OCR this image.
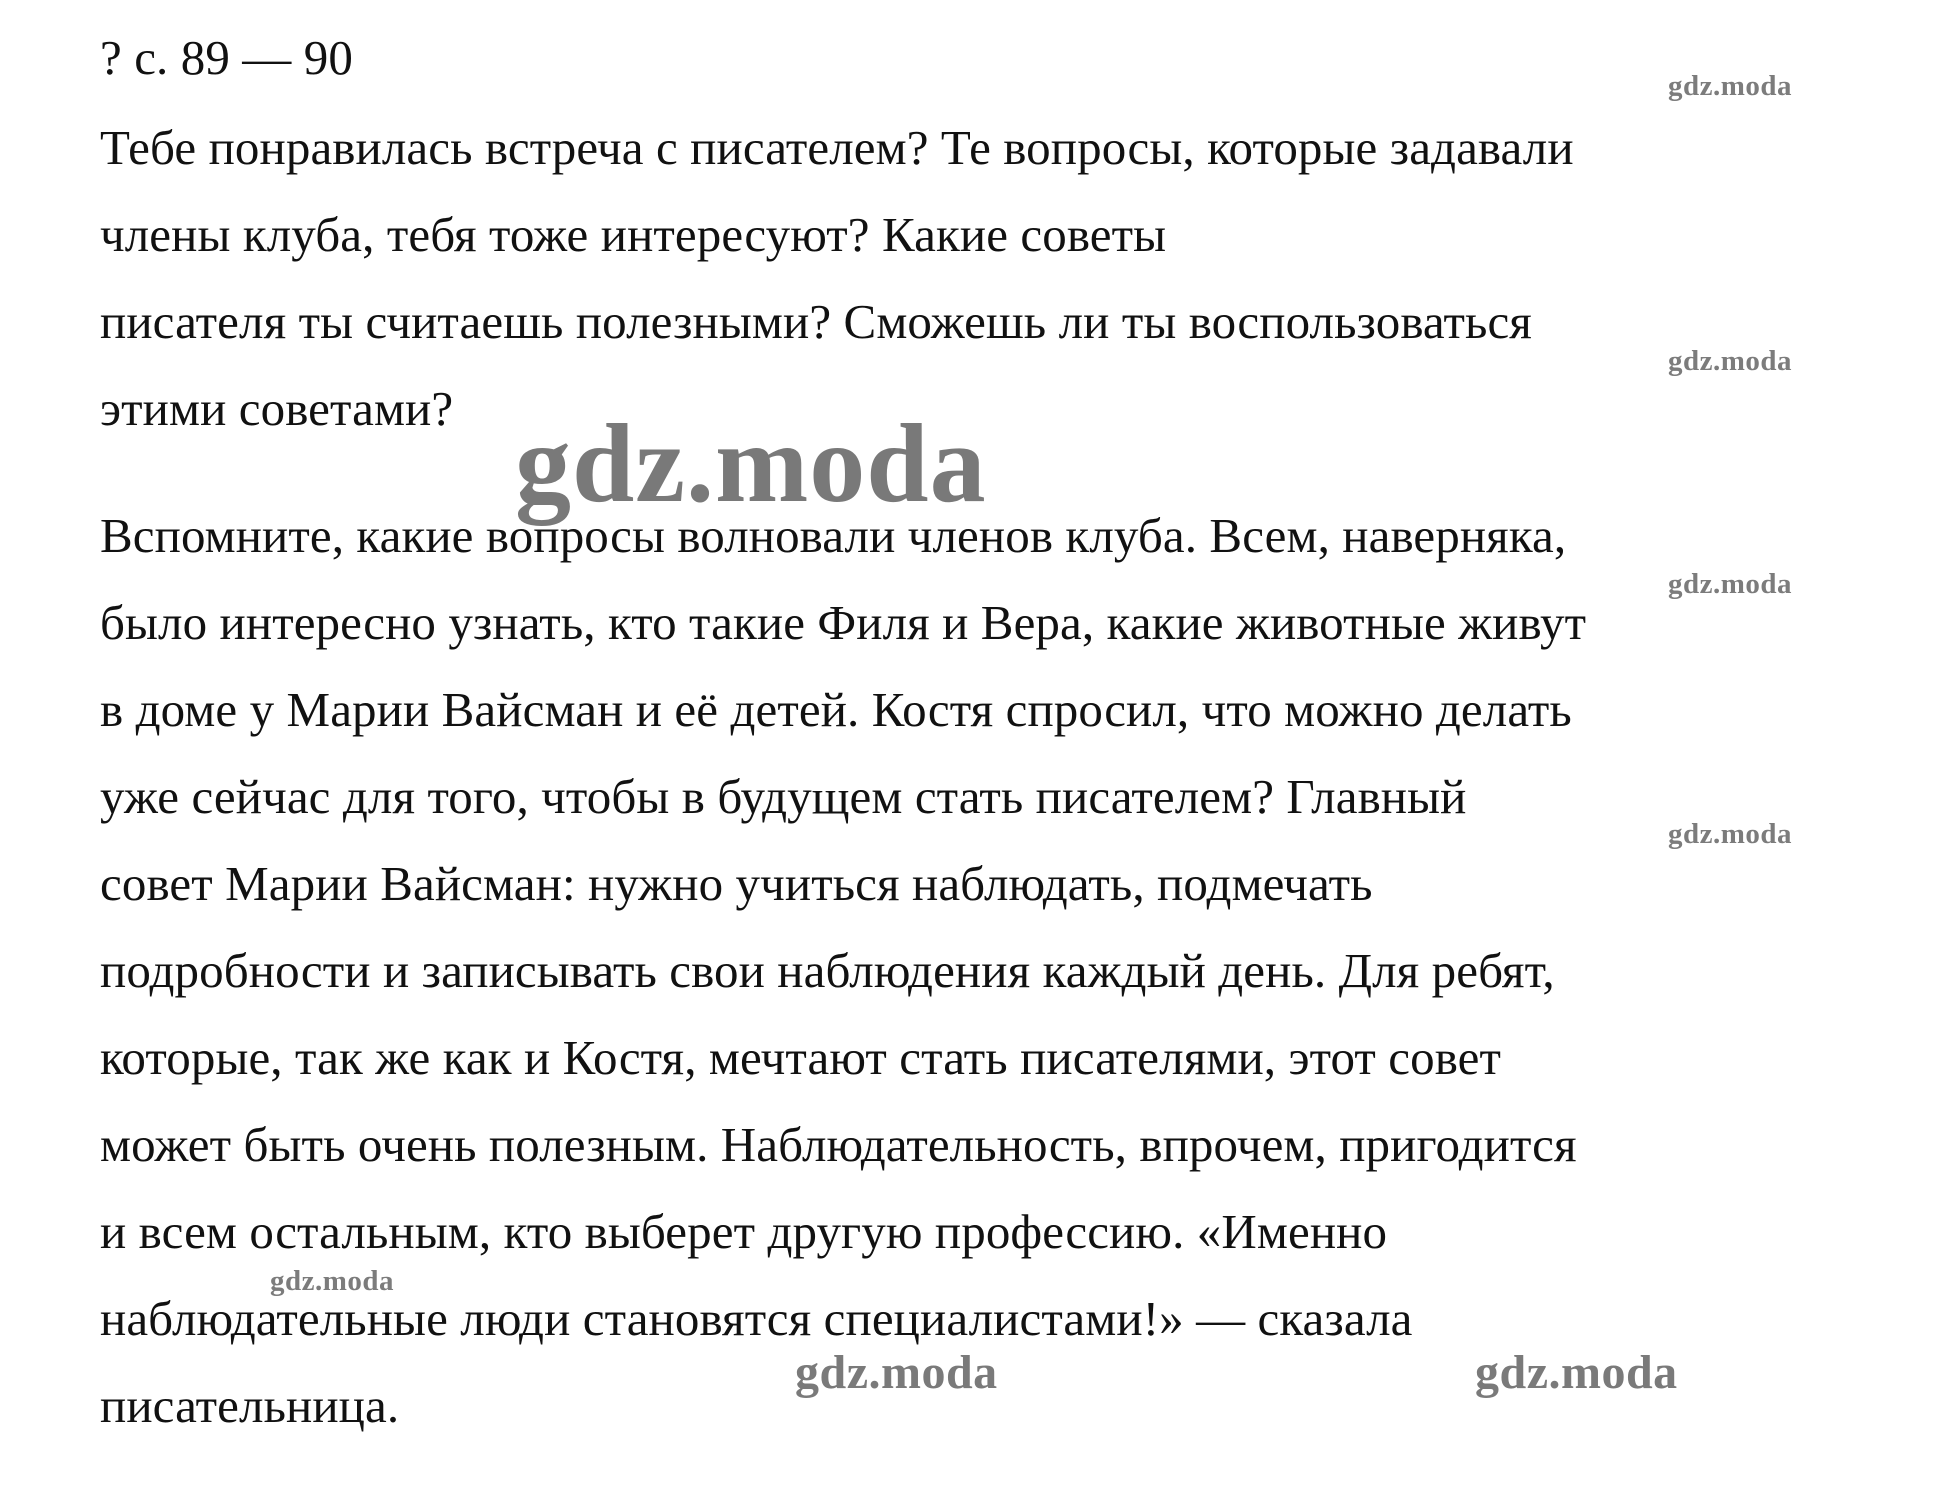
? с. 89 — 90
Тебе понравилась встреча с писателем? Те вопросы, которые задавали
члены клуба, тебя тоже интересуют? Какие советы
писателя ты считаешь полезными? Сможешь ли ты воспользоваться
этими советами?
Вспомните, какие вопросы волновали членов клуба. Всем, наверняка,
было интересно узнать, кто такие Филя и Вера, какие животные живут
в доме у Марии Вайсман и её детей. Костя спросил, что можно делать
уже сейчас для того, чтобы в будущем стать писателем? Главный
совет Марии Вайсман: нужно учиться наблюдать, подмечать
подробности и записывать свои наблюдения каждый день. Для ребят,
которые, так же как и Костя, мечтают стать писателями, этот совет
может быть очень полезным. Наблюдательность, впрочем, пригодится
и всем остальным, кто выберет другую профессию. «Именно
наблюдательные люди становятся специалистами!» — сказала
писательница.
gdz.moda
gdz.moda
gdz.moda
gdz.moda
gdz.moda
gdz.moda
gdz.moda	gdz.moda
